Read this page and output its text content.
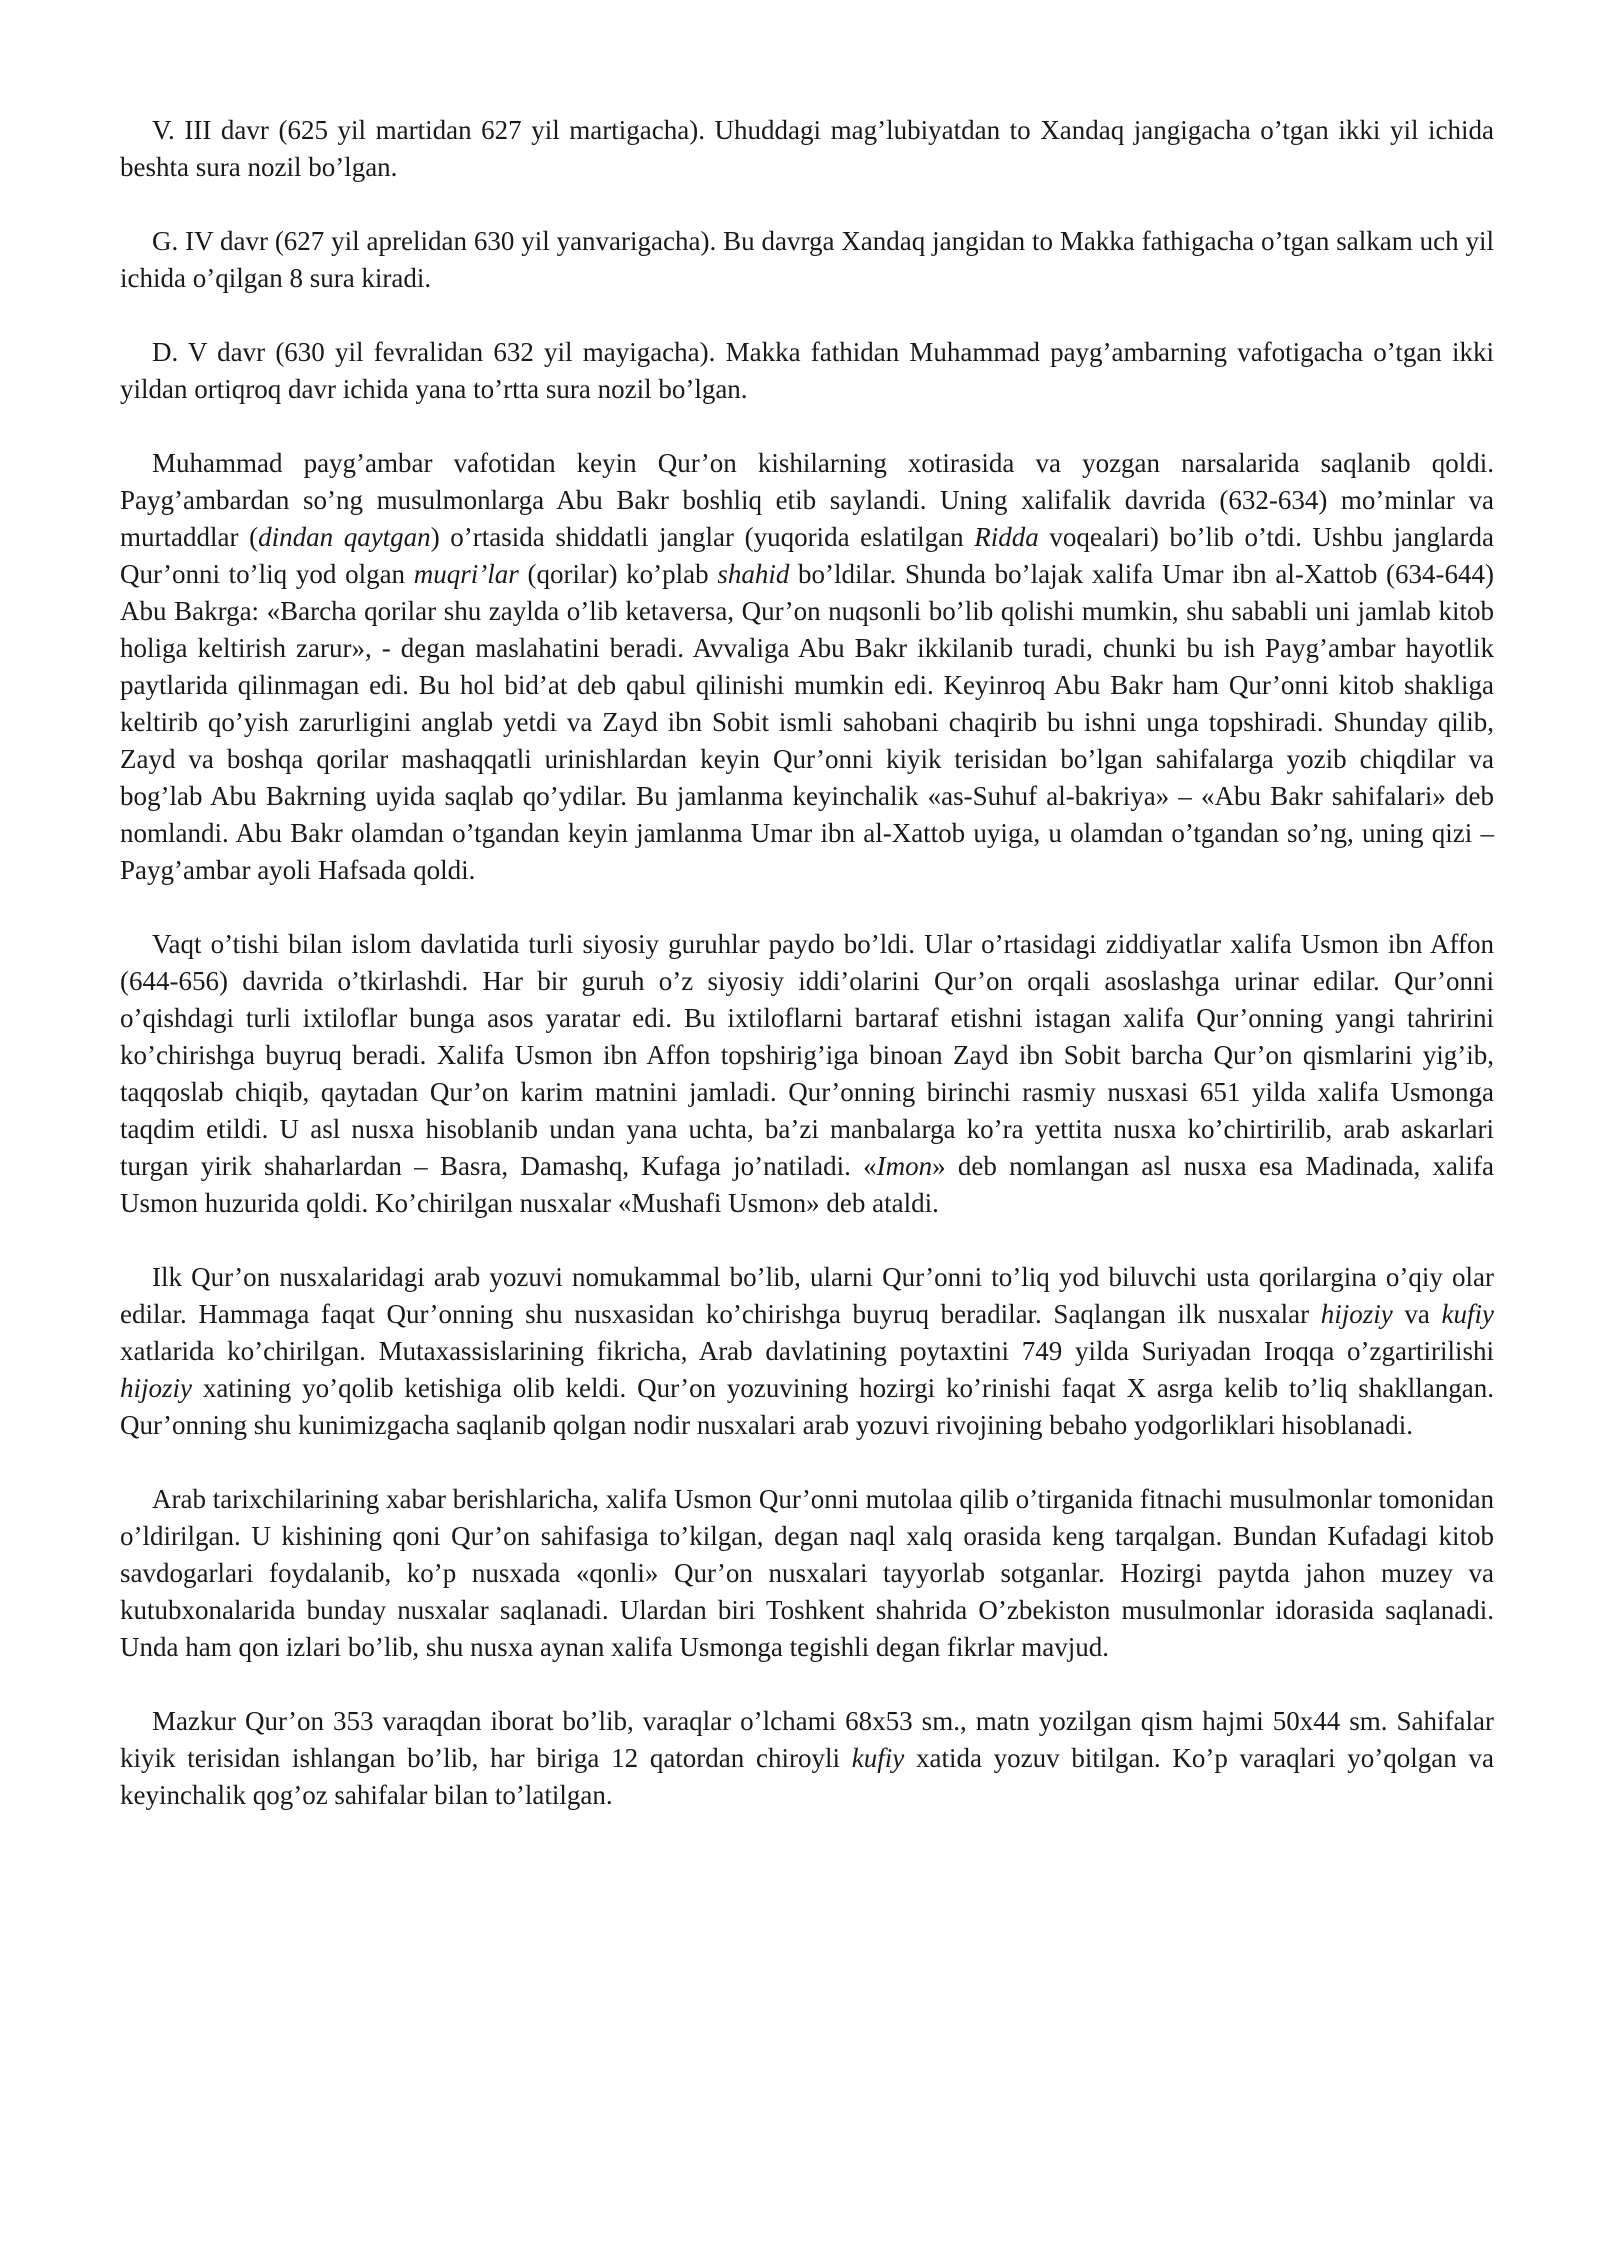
V. III davr (625 yil martidan 627 yil martigacha). Uhuddagi mag’lubiyatdan to Xandaq jangigacha o’tgan ikki yil ichida beshta sura nozil bo’lgan.

G. IV davr (627 yil aprelidan 630 yil yanvarigacha). Bu davrga Xandaq jangidan to Makka fathigacha o’tgan salkam uch yil ichida o’qilgan 8 sura kiradi.

D. V davr (630 yil fevralidan 632 yil mayigacha). Makka fathidan Muhammad payg’ambarning vafotigacha o’tgan ikki yildan ortiqroq davr ichida yana to’rtta sura nozil bo’lgan.

Muhammad payg’ambar vafotidan keyin Qur’on kishilarning xotirasida va yozgan narsalarida saqlanib qoldi. Payg’ambardan so’ng musulmonlarga Abu Bakr boshliq etib saylandi. Uning xalifalik davrida (632-634) mo’minlar va murtaddlar (dindan qaytgan) o’rtasida shiddatli janglar (yuqorida eslatilgan Ridda voqealari) bo’lib o’tdi. Ushbu janglarda Qur’onni to’liq yod olgan muqri’lar (qorilar) ko’plab shahid bo’ldilar. Shunda bo’lajak xalifa Umar ibn al-Xattob (634-644) Abu Bakrga: «Barcha qorilar shu zaylda o’lib ketaversa, Qur’on nuqsonli bo’lib qolishi mumkin, shu sababli uni jamlab kitob holiga keltirish zarur», - degan maslahatini beradi. Avvaliga Abu Bakr ikkilanib turadi, chunki bu ish Payg’ambar hayotlik paytlarida qilinmagan edi. Bu hol bid’at deb qabul qilinishi mumkin edi. Keyinroq Abu Bakr ham Qur’onni kitob shakliga keltirib qo’yish zarurligini anglab yetdi va Zayd ibn Sobit ismli sahobani chaqirib bu ishni unga topshiradi. Shunday qilib, Zayd va boshqa qorilar mashaqqatli urinishlardan keyin Qur’onni kiyik terisidan bo’lgan sahifalarga yozib chiqdilar va bog’lab Abu Bakrning uyida saqlab qo’ydilar. Bu jamlanma keyinchalik «as-Suhuf al-bakriya» – «Abu Bakr sahifalari» deb nomlandi. Abu Bakr olamdan o’tgandan keyin jamlanma Umar ibn al-Xattob uyiga, u olamdan o’tgandan so’ng, uning qizi – Payg’ambar ayoli Hafsada qoldi.

Vaqt o’tishi bilan islom davlatida turli siyosiy guruhlar paydo bo’ldi. Ular o’rtasidagi ziddiyatlar xalifa Usmon ibn Affon (644-656) davrida o’tkirlashdi. Har bir guruh o’z siyosiy iddi’olarini Qur’on orqali asoslashga urinar edilar. Qur’onni o’qishdagi turli ixtiloflar bunga asos yaratar edi. Bu ixtiloflarni bartaraf etishni istagan xalifa Qur’onning yangi tahririni ko’chirishga buyruq beradi. Xalifa Usmon ibn Affon topshirig’iga binoan Zayd ibn Sobit barcha Qur’on qismlarini yig’ib, taqqoslab chiqib, qaytadan Qur’on karim matnini jamladi. Qur’onning birinchi rasmiy nusxasi 651 yilda xalifa Usmonga taqdim etildi. U asl nusxa hisoblanib undan yana uchta, ba’zi manbalarga ko’ra yettita nusxa ko’chirtirilib, arab askarlari turgan yirik shaharlardan – Basra, Damashq, Kufaga jo’natiladi. «Imon» deb nomlangan asl nusxa esa Madinada, xalifa Usmon huzurida qoldi. Ko’chirilgan nusxalar «Mushafi Usmon» deb ataldi.

Ilk Qur’on nusxalaridagi arab yozuvi nomukammal bo’lib, ularni Qur’onni to’liq yod biluvchi usta qorilargina o’qiy olar edilar. Hammaga faqat Qur’onning shu nusxasidan ko’chirishga buyruq beradilar. Saqlangan ilk nusxalar hijoziy va kufiy xatlarida ko’chirilgan. Mutaxassislarining fikricha, Arab davlatining poytaxtini 749 yilda Suriyadan Iroqqa o’zgartirilishi hijoziy xatining yo’qolib ketishiga olib keldi. Qur’on yozuvining hozirgi ko’rinishi faqat X asrga kelib to’liq shakllangan. Qur’onning shu kunimizgacha saqlanib qolgan nodir nusxalari arab yozuvi rivojining bebaho yodgorliklari hisoblanadi.

Arab tarixchilarining xabar berishlaricha, xalifa Usmon Qur’onni mutolaa qilib o’tirganida fitnachi musulmonlar tomonidan o’ldirilgan. U kishining qoni Qur’on sahifasiga to’kilgan, degan naql xalq orasida keng tarqalgan. Bundan Kufadagi kitob savdogarlari foydalanib, ko’p nusxada «qonli» Qur’on nusxalari tayyorlab sotganlar. Hozirgi paytda jahon muzey va kutubxonalarida bunday nusxalar saqlanadi. Ulardan biri Toshkent shahrida O’zbekiston musulmonlar idorasida saqlanadi. Unda ham qon izlari bo’lib, shu nusxa aynan xalifa Usmonga tegishli degan fikrlar mavjud.

Mazkur Qur’on 353 varaqdan iborat bo’lib, varaqlar o’lchami 68x53 sm., matn yozilgan qism hajmi 50x44 sm. Sahifalar kiyik terisidan ishlangan bo’lib, har biriga 12 qatordan chiroyli kufiy xatida yozuv bitilgan. Ko’p varaqlari yo’qolgan va keyinchalik qog’oz sahifalar bilan to’latilgan.
